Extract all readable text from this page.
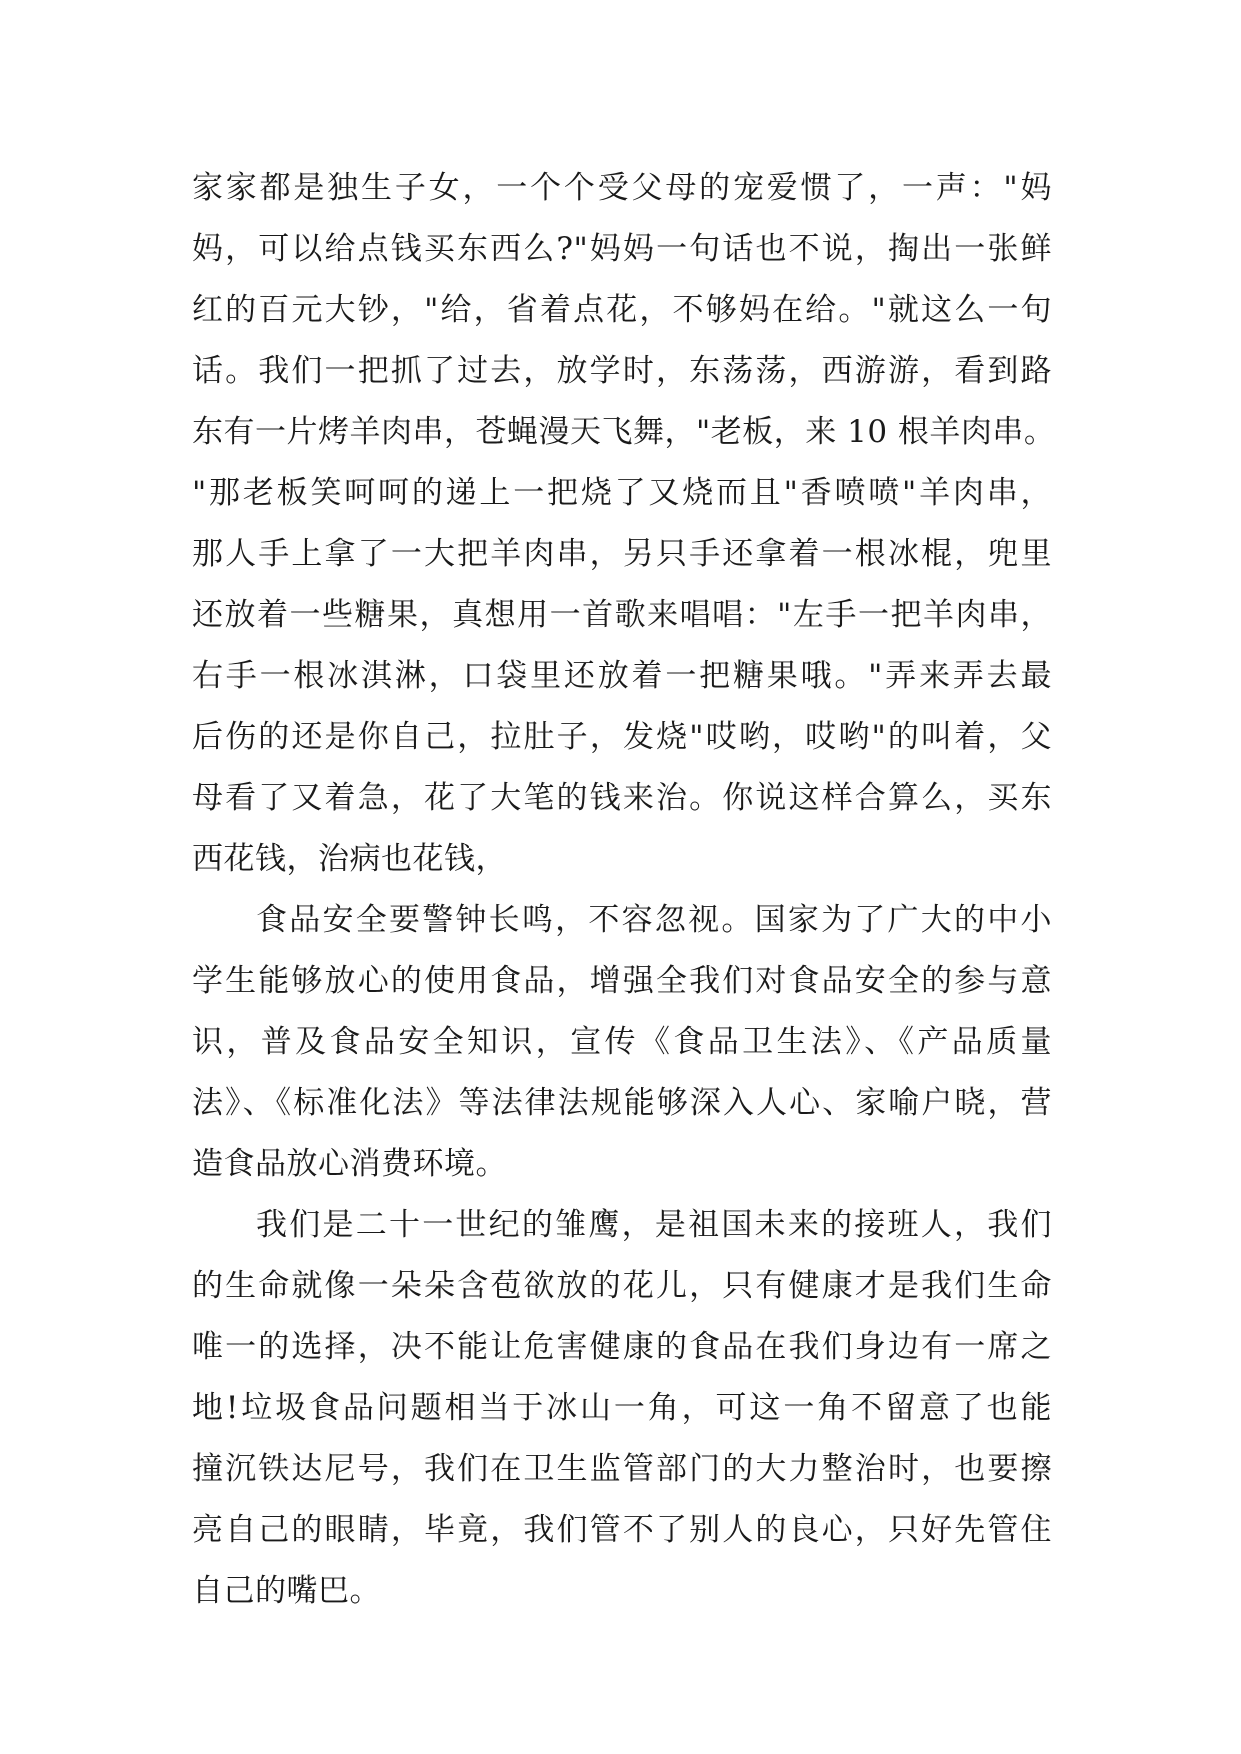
家家都是独生子女，一个个受父母的宠爱惯了，一声："妈
妈，可以给点钱买东西么?"妈妈一句话也不说，掏出一张鲜
红的百元大钞，"给，省着点花，不够妈在给。"就这么一句
话。我们一把抓了过去，放学时，东荡荡，西游游，看到路
东有一片烤羊肉串，苍蝇漫天飞舞，"老板，来 10 根羊肉串。
"那老板笑呵呵的递上一把烧了又烧而且"香喷喷"羊肉串，
那人手上拿了一大把羊肉串，另只手还拿着一根冰棍，兜里
还放着一些糖果，真想用一首歌来唱唱："左手一把羊肉串，
右手一根冰淇淋，口袋里还放着一把糖果哦。"弄来弄去最
后伤的还是你自己，拉肚子，发烧"哎哟，哎哟"的叫着，父
母看了又着急，花了大笔的钱来治。你说这样合算么，买东
西花钱，治病也花钱，
食品安全要警钟长鸣，不容忽视。国家为了广大的中小
学生能够放心的使用食品，增强全我们对食品安全的参与意
识，普及食品安全知识，宣传《食品卫生法》、《产品质量
法》、《标准化法》等法律法规能够深入人心、家喻户晓，营
造食品放心消费环境。
我们是二十一世纪的雏鹰，是祖国未来的接班人，我们
的生命就像一朵朵含苞欲放的花儿，只有健康才是我们生命
唯一的选择，决不能让危害健康的食品在我们身边有一席之
地!垃圾食品问题相当于冰山一角，可这一角不留意了也能
撞沉铁达尼号，我们在卫生监管部门的大力整治时，也要擦
亮自己的眼睛，毕竟，我们管不了别人的良心，只好先管住
自己的嘴巴。
